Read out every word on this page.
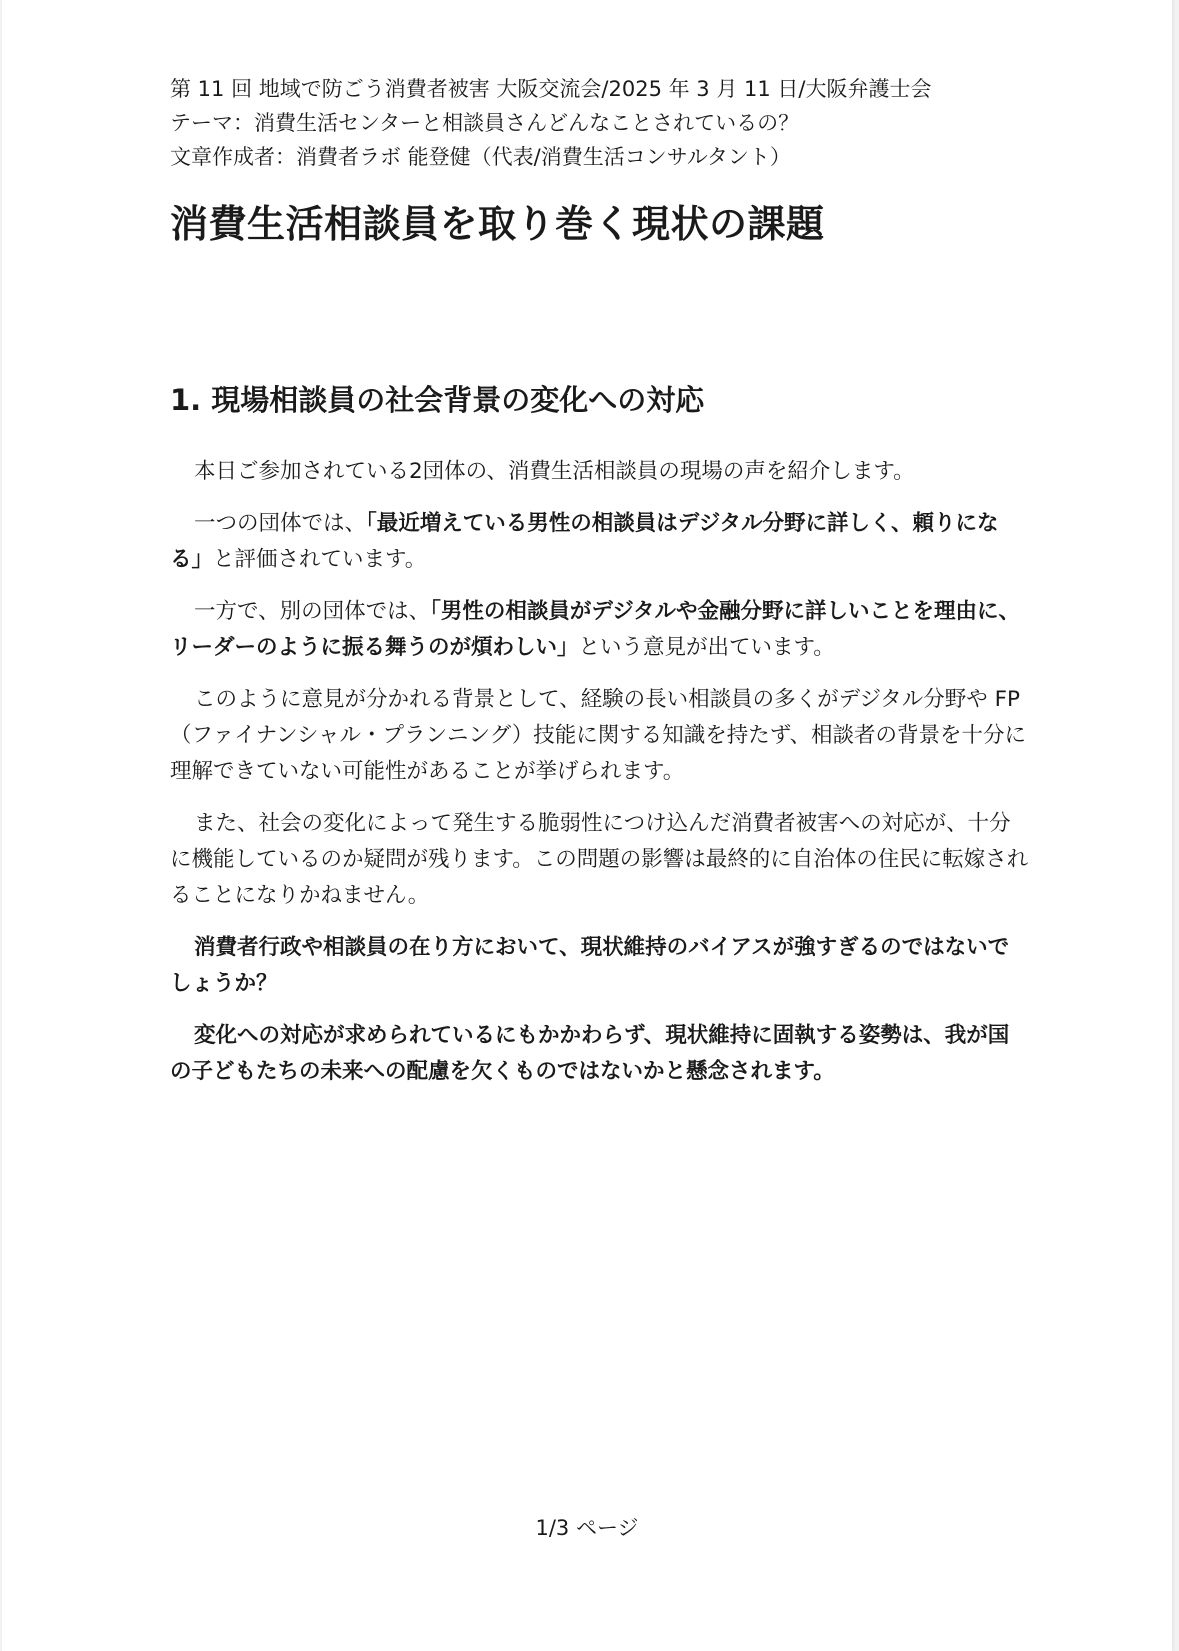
第 11 回 地域で防ごう消費者被害 大阪交流会/2025 年 3 月 11 日/大阪弁護士会
テーマ：消費生活センターと相談員さんどんなことされているの？
文章作成者：消費者ラボ 能登健（代表/消費生活コンサルタント）
消費生活相談員を取り巻く現状の課題
1. 現場相談員の社会背景の変化への対応

本日ご参加されている2団体の、消費生活相談員の現場の声を紹介します。

一つの団体では、「最近増えている男性の相談員はデジタル分野に詳しく、頼りになる」と評価されています。

一方で、別の団体では、「男性の相談員がデジタルや金融分野に詳しいことを理由に、リーダーのように振る舞うのが煩わしい」という意見が出ています。

このように意見が分かれる背景として、経験の長い相談員の多くがデジタル分野や FP（ファイナンシャル・プランニング）技能に関する知識を持たず、相談者の背景を十分に理解できていない可能性があることが挙げられます。

また、社会の変化によって発生する脆弱性につけ込んだ消費者被害への対応が、十分に機能しているのか疑問が残ります。この問題の影響は最終的に自治体の住民に転嫁されることになりかねません。

消費者行政や相談員の在り方において、現状維持のバイアスが強すぎるのではないでしょうか？

変化への対応が求められているにもかかわらず、現状維持に固執する姿勢は、我が国の子どもたちの未来への配慮を欠くものではないかと懸念されます。

1/3 ページ
